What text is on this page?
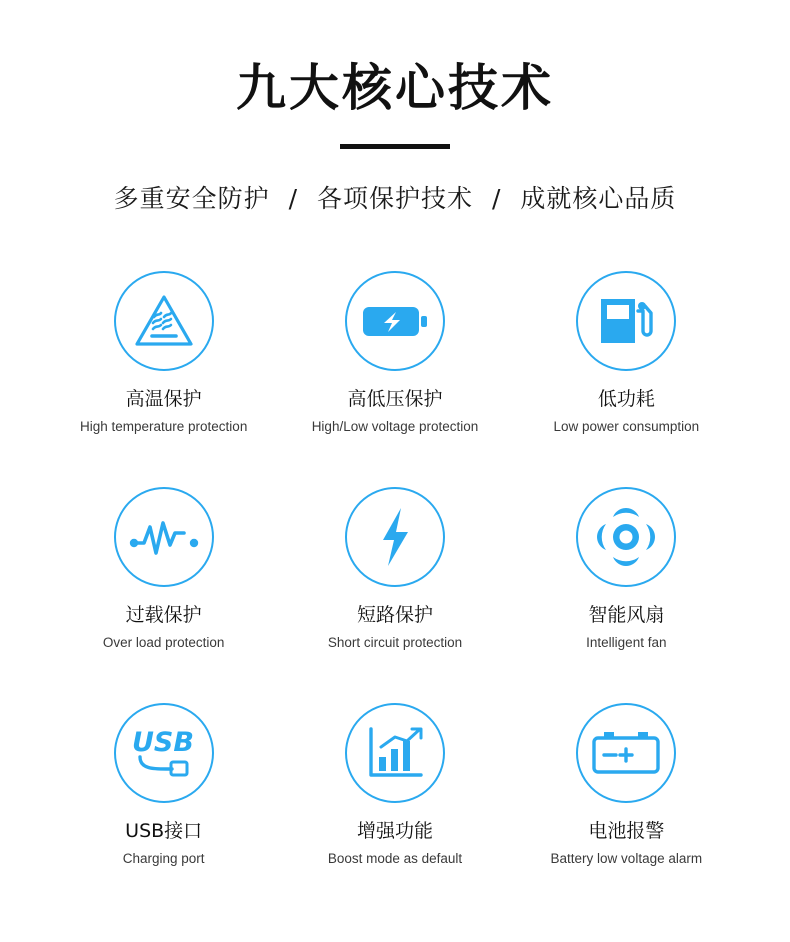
九大核心技术
多重安全防护 / 各项保护技术 / 成就核心品质
高温保护
High temperature protection
高低压保护
High/Low voltage protection
低功耗
Low power consumption
过载保护
Over load protection
短路保护
Short circuit protection
智能风扇
Intelligent fan
USB
USB接口
Charging port
增强功能
Boost mode as default
电池报警
Battery low voltage alarm
